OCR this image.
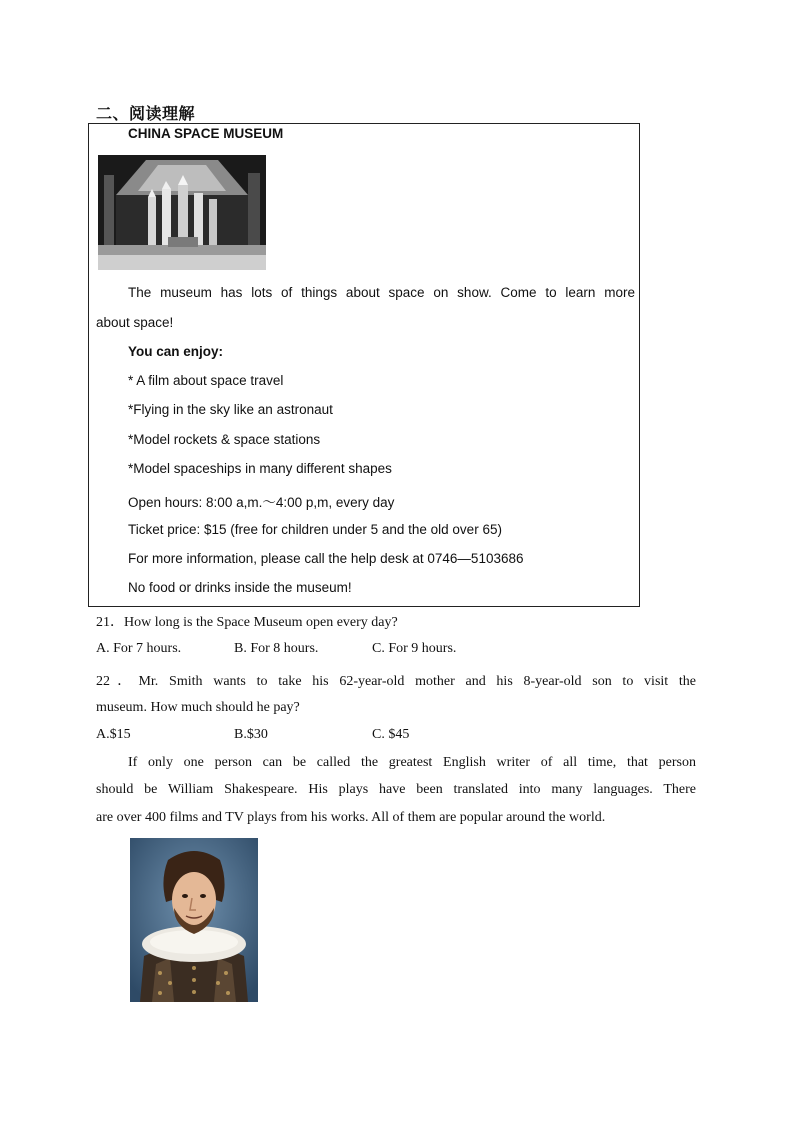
二、阅读理解
CHINA SPACE MUSEUM
The museum has lots of things about space on show. Come to learn more
about space!
You can enjoy:
* A film about space travel
*Flying in the sky like an astronaut
*Model rockets & space stations
*Model spaceships in many different shapes
Open hours: 8:00 a,m.～4:00 p,m, every day
Ticket price: $15 (free for children under 5 and the old over 65)
For more information, please call the help desk at 0746—5103686
No food or drinks inside the museum!
21．How long is the Space Museum open every day?
A. For 7 hours.	B. For 8 hours.	C. For 9 hours.
22．Mr. Smith wants to take his 62-year-old mother and his 8-year-old son to visit the
museum. How much should he pay?
A.$15	B.$30	C. $45
If only one person can be called the greatest English writer of all time, that person
should be William Shakespeare. His plays have been translated into many languages. There
are over 400 films and TV plays from his works. All of them are popular around the world.
